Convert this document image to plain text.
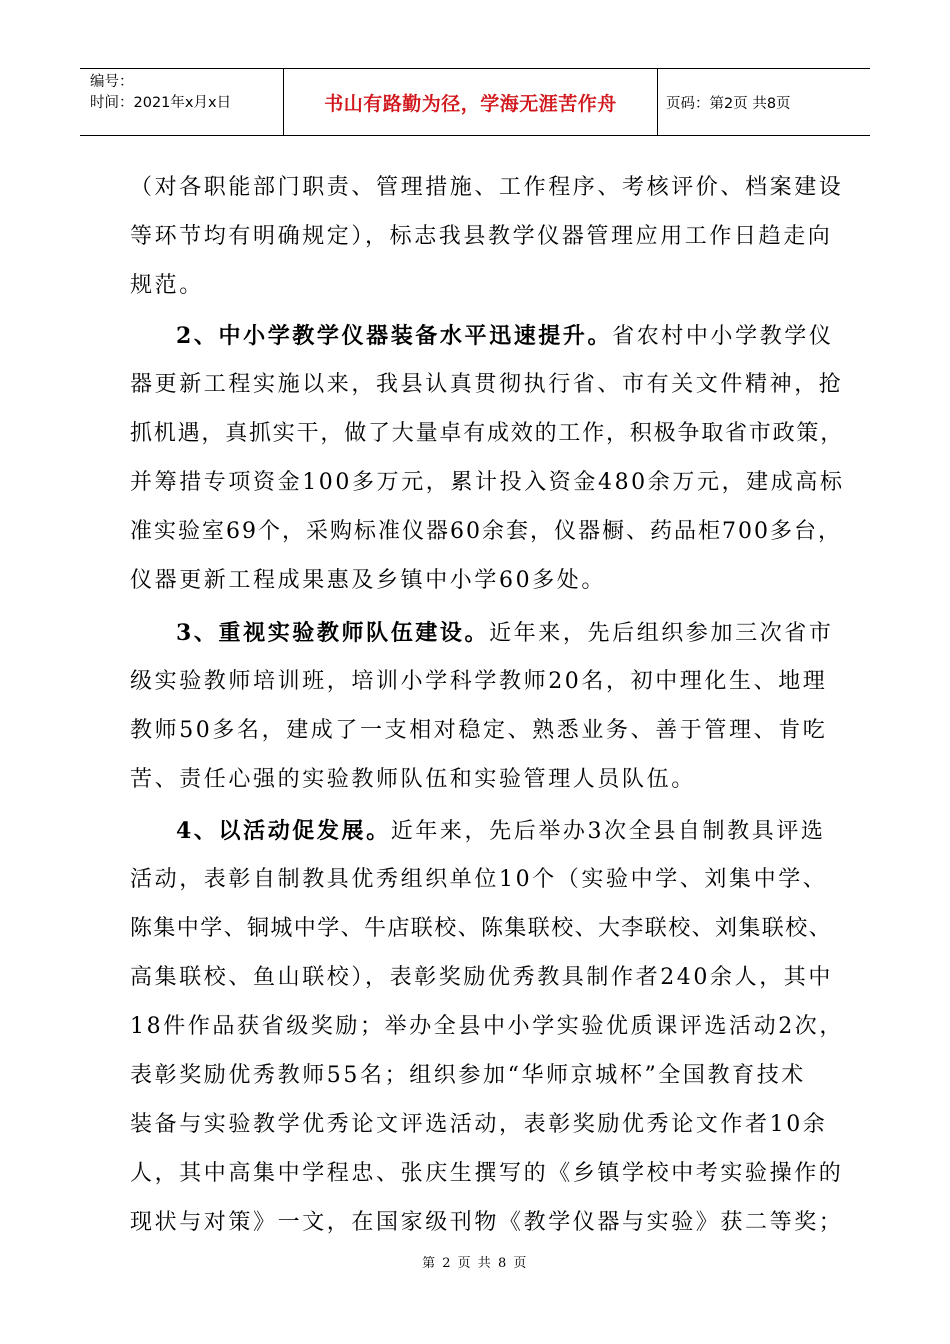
编号：
时间：2021年x月x日	书山有路勤为径，学海无涯苦作舟	页码：第2页 共8页
（对各职能部门职责、管理措施、工作程序、考核评价、档案建设
等环节均有明确规定），标志我县教学仪器管理应用工作日趋走向
规范。
2、中小学教学仪器装备水平迅速提升。省农村中小学教学仪
器更新工程实施以来，我县认真贯彻执行省、市有关文件精神，抢
抓机遇，真抓实干，做了大量卓有成效的工作，积极争取省市政策，
并筹措专项资金100多万元，累计投入资金480余万元，建成高标
准实验室69个，采购标准仪器60余套，仪器橱、药品柜700多台，
仪器更新工程成果惠及乡镇中小学60多处。
3、重视实验教师队伍建设。近年来，先后组织参加三次省市
级实验教师培训班，培训小学科学教师20名，初中理化生、地理
教师50多名，建成了一支相对稳定、熟悉业务、善于管理、肯吃
苦、责任心强的实验教师队伍和实验管理人员队伍。
4、以活动促发展。近年来，先后举办3次全县自制教具评选
活动，表彰自制教具优秀组织单位10个（实验中学、刘集中学、
陈集中学、铜城中学、牛店联校、陈集联校、大李联校、刘集联校、
高集联校、鱼山联校），表彰奖励优秀教具制作者240余人，其中
18件作品获省级奖励；举办全县中小学实验优质课评选活动2次，
表彰奖励优秀教师55名；组织参加“华师京城杯”全国教育技术
装备与实验教学优秀论文评选活动，表彰奖励优秀论文作者10余
人，其中高集中学程忠、张庆生撰写的《乡镇学校中考实验操作的
现状与对策》一文，在国家级刊物《教学仪器与实验》获二等奖；
第 2 页 共 8 页
